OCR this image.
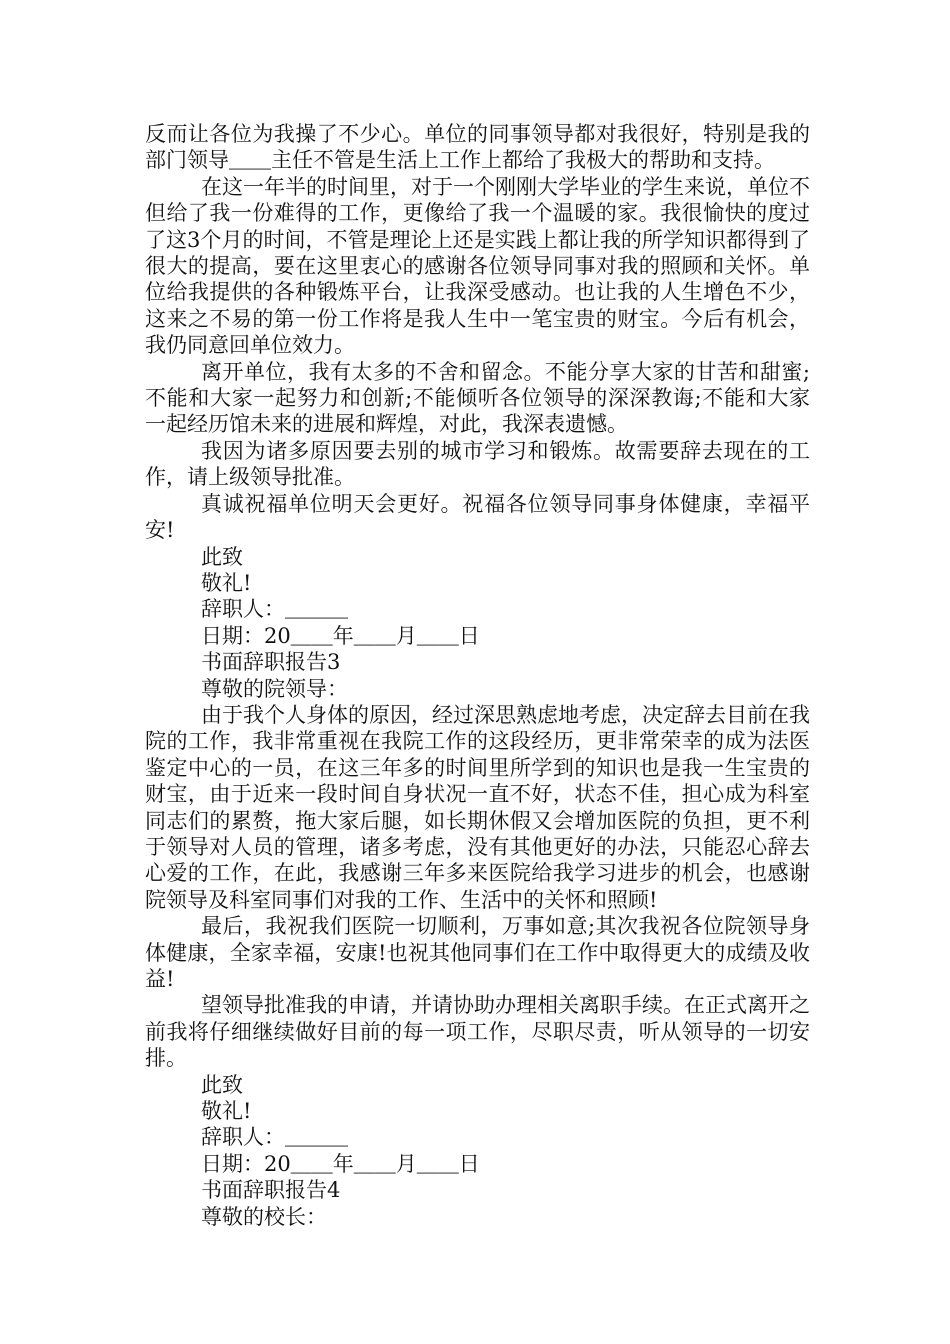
反而让各位为我操了不少心。单位的同事领导都对我很好，特别是我的部门领导＿＿主任不管是生活上工作上都给了我极大的帮助和支持。

在这一年半的时间里，对于一个刚刚大学毕业的学生来说，单位不但给了我一份难得的工作，更像给了我一个温暖的家。我很愉快的度过了这3个月的时间，不管是理论上还是实践上都让我的所学知识都得到了很大的提高，要在这里衷心的感谢各位领导同事对我的照顾和关怀。单位给我提供的各种锻炼平台，让我深受感动。也让我的人生增色不少，这来之不易的第一份工作将是我人生中一笔宝贵的财宝。今后有机会，我仍同意回单位效力。

离开单位，我有太多的不舍和留念。不能分享大家的甘苦和甜蜜;不能和大家一起努力和创新;不能倾听各位领导的深深教诲;不能和大家一起经历馆未来的进展和辉煌，对此，我深表遗憾。

我因为诸多原因要去别的城市学习和锻炼。故需要辞去现在的工作，请上级领导批准。

真诚祝福单位明天会更好。祝福各位领导同事身体健康，幸福平安!

此致

敬礼!

辞职人：＿＿＿

日期：20＿＿年＿＿月＿＿日

书面辞职报告3

尊敬的院领导：

由于我个人身体的原因，经过深思熟虑地考虑，决定辞去目前在我院的工作，我非常重视在我院工作的这段经历，更非常荣幸的成为法医鉴定中心的一员，在这三年多的时间里所学到的知识也是我一生宝贵的财宝，由于近来一段时间自身状况一直不好，状态不佳，担心成为科室同志们的累赘，拖大家后腿，如长期休假又会增加医院的负担，更不利于领导对人员的管理，诸多考虑，没有其他更好的办法，只能忍心辞去心爱的工作，在此，我感谢三年多来医院给我学习进步的机会，也感谢院领导及科室同事们对我的工作、生活中的关怀和照顾!

最后，我祝我们医院一切顺利，万事如意;其次我祝各位院领导身体健康，全家幸福，安康!也祝其他同事们在工作中取得更大的成绩及收益!

望领导批准我的申请，并请协助办理相关离职手续。在正式离开之前我将仔细继续做好目前的每一项工作，尽职尽责，听从领导的一切安排。

此致

敬礼!

辞职人：＿＿＿

日期：20＿＿年＿＿月＿＿日

书面辞职报告4

尊敬的校长：
